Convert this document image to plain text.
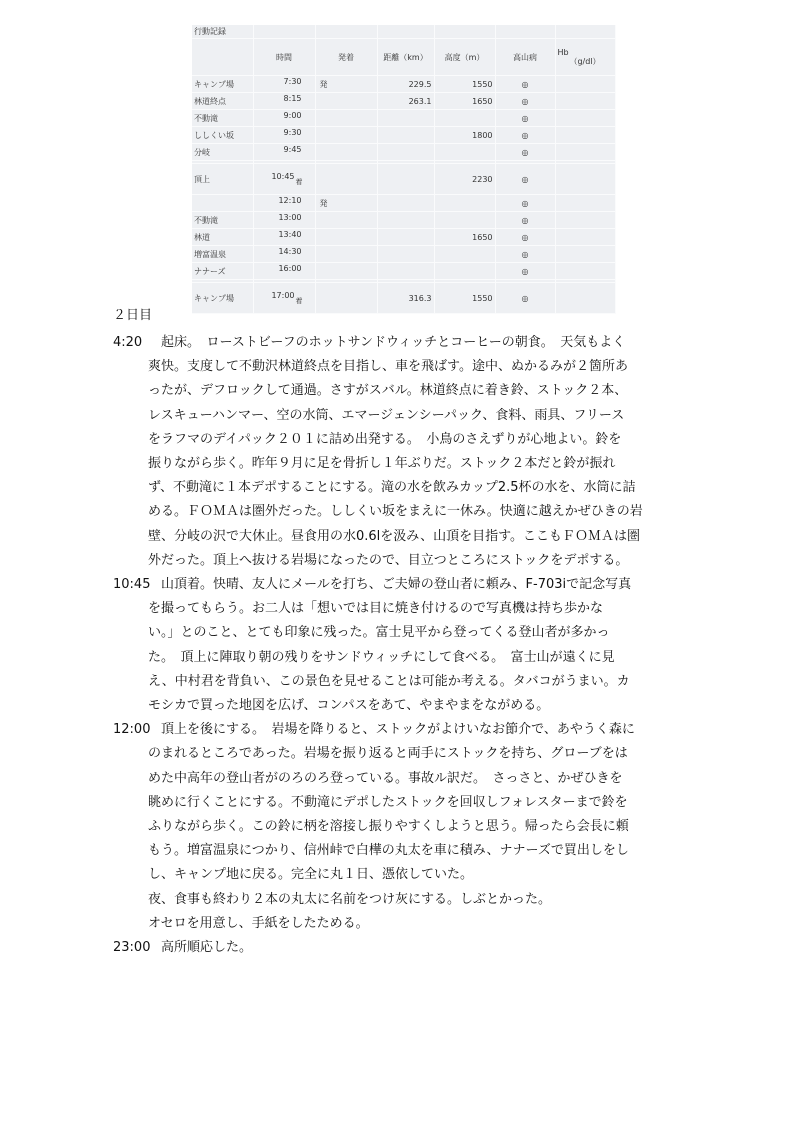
行動記録						
	時間	発着	距離（km）	高度（m）	高山病	Hb
（g/dl）

キャンプ場	7:30	発	229.5	1550	◎	
林道終点	8:15		263.1	1650	◎	
不動滝	9:00				◎	
ししくい坂	9:30			1800	◎	
分岐	9:45				◎	

頂上	10:45着			2230	◎	
	12:10	発			◎	
不動滝	13:00				◎	
林道	13:40			1650	◎	
増富温泉	14:30				◎	
ナナーズ	16:00				◎	

キャンプ場	17:00着		316.3	1550	◎	
２日目
4:20	起床。　ローストビーフのホットサンドウィッチとコーヒーの朝食。　天気もよく
爽快。支度して不動沢林道終点を目指し、車を飛ばす。途中、ぬかるみが２箇所あ
ったが、デフロックして通過。さすがスバル。林道終点に着き鈴、ストック２本、
レスキューハンマー、空の水筒、エマージェンシーパック、食料、雨具、フリース
をラフマのデイパック２０１に詰め出発する。　小鳥のさえずりが心地よい。鈴を
振りながら歩く。昨年９月に足を骨折し１年ぶりだ。ストック２本だと鈴が振れ
ず、不動滝に１本デポすることにする。滝の水を飲みカップ2.5杯の水を、水筒に詰
める。ＦＯＭＡは圏外だった。ししくい坂をまえに一休み。快適に越えかぜひきの岩
壁、分岐の沢で大休止。昼食用の水0.6lを汲み、山頂を目指す。ここもＦＯＭＡは圏
外だった。頂上へ抜ける岩場になったので、目立つところにストックをデポする。
10:45 山頂着。快晴、友人にメールを打ち、ご夫婦の登山者に頼み、F-703iで記念写真
を撮ってもらう。お二人は「想いでは目に焼き付けるので写真機は持ち歩かな
い。」とのこと、とても印象に残った。富士見平から登ってくる登山者が多かっ
た。　頂上に陣取り朝の残りをサンドウィッチにして食べる。　富士山が遠くに見
え、中村君を背負い、この景色を見せることは可能か考える。タバコがうまい。カ
モシカで買った地図を広げ、コンパスをあて、やまやまをながめる。
12:00 頂上を後にする。　岩場を降りると、ストックがよけいなお節介で、あやうく森に
のまれるところであった。岩場を振り返ると両手にストックを持ち、グローブをは
めた中高年の登山者がのろのろ登っている。事故ル訳だ。　さっさと、かぜひきを
眺めに行くことにする。不動滝にデポしたストックを回収しフォレスターまで鈴を
ふりながら歩く。この鈴に柄を溶接し振りやすくしようと思う。帰ったら会長に頼
もう。増富温泉につかり、信州峠で白樺の丸太を車に積み、ナナーズで買出しをし
し、キャンプ地に戻る。完全に丸１日、憑依していた。
夜、食事も終わり２本の丸太に名前をつけ灰にする。しぶとかった。
オセロを用意し、手紙をしたためる。
23:00 高所順応した。
